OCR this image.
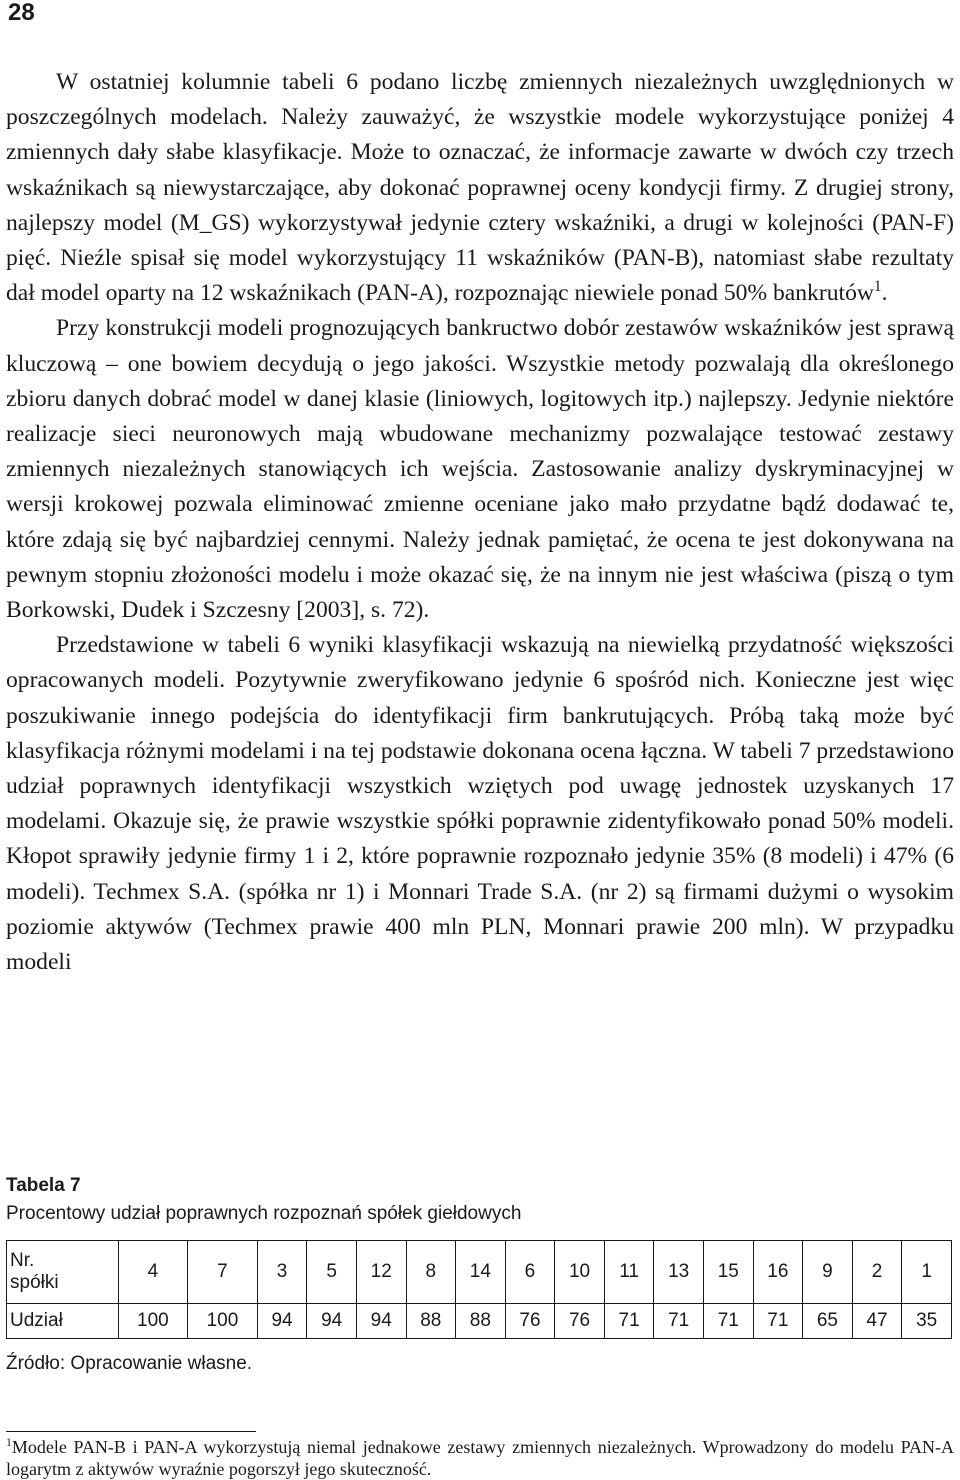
28

W ostatniej kolumnie tabeli 6 podano liczbę zmiennych niezależnych uwzględnionych w poszczególnych modelach. Należy zauważyć, że wszystkie modele wykorzystujące poniżej 4 zmiennych dały słabe klasyfikacje. Może to oznaczać, że informacje zawarte w dwóch czy trzech wskaźnikach są niewystarczające, aby dokonać poprawnej oceny kondycji firmy. Z drugiej strony, najlepszy model (M_GS) wykorzystywał jedynie cztery wskaźniki, a drugi w kolejności (PAN-F) pięć. Nieźle spisał się model wykorzystujący 11 wskaźników (PAN-B), natomiast słabe rezultaty dał model oparty na 12 wskaźnikach (PAN-A), rozpoznając niewiele ponad 50% bankrutów$^1$.

Przy konstrukcji modeli prognozujących bankructwo dobór zestawów wskaźników jest sprawą kluczową – one bowiem decydują o jego jakości. Wszystkie metody pozwalają dla określonego zbioru danych dobrać model w danej klasie (liniowych, logitowych itp.) najlepszy. Jedynie niektóre realizacje sieci neuronowych mają wbudowane mechanizmy pozwalające testować zestawy zmiennych niezależnych stanowiących ich wejścia. Zastosowanie analizy dyskryminacyjnej w wersji krokowej pozwala eliminować zmienne oceniane jako mało przydatne bądź dodawać te, które zdają się być najbardziej cennymi. Należy jednak pamiętać, że ocena te jest dokonywana na pewnym stopniu złożoności modelu i może okazać się, że na innym nie jest właściwa (piszą o tym Borkowski, Dudek i Szczesny [2003], s. 72).

Przedstawione w tabeli 6 wyniki klasyfikacji wskazują na niewielką przydatność większości opracowanych modeli. Pozytywnie zweryfikowano jedynie 6 spośród nich. Konieczne jest więc poszukiwanie innego podejścia do identyfikacji firm bankrutujących. Próbą taką może być klasyfikacja różnymi modelami i na tej podstawie dokonana ocena łączna. W tabeli 7 przedstawiono udział poprawnych identyfikacji wszystkich wziętych pod uwagę jednostek uzyskanych 17 modelami. Okazuje się, że prawie wszystkie spółki poprawnie zidentyfikowało ponad 50% modeli. Kłopot sprawiły jedynie firmy 1 i 2, które poprawnie rozpoznało jedynie 35% (8 modeli) i 47% (6 modeli). Techmex S.A. (spółka nr 1) i Monnari Trade S.A. (nr 2) są firmami dużymi o wysokim poziomie aktywów (Techmex prawie 400 mln PLN, Monnari prawie 200 mln). W przypadku modeli

Tabela 7
Procentowy udział poprawnych rozpoznań spółek giełdowych
Nr.
spółki	4	7	3	5	12	8	14	6	10	11	13	15	16	9	2	1
Udział	100	100	94	94	94	88	88	76	76	71	71	71	71	65	47	35
Źródło: Opracowanie własne.
$^1$Modele PAN-B i PAN-A wykorzystują niemal jednakowe zestawy zmiennych niezależnych. Wprowadzony do modelu PAN-A logarytm z aktywów wyraźnie pogorszył jego skuteczność.
